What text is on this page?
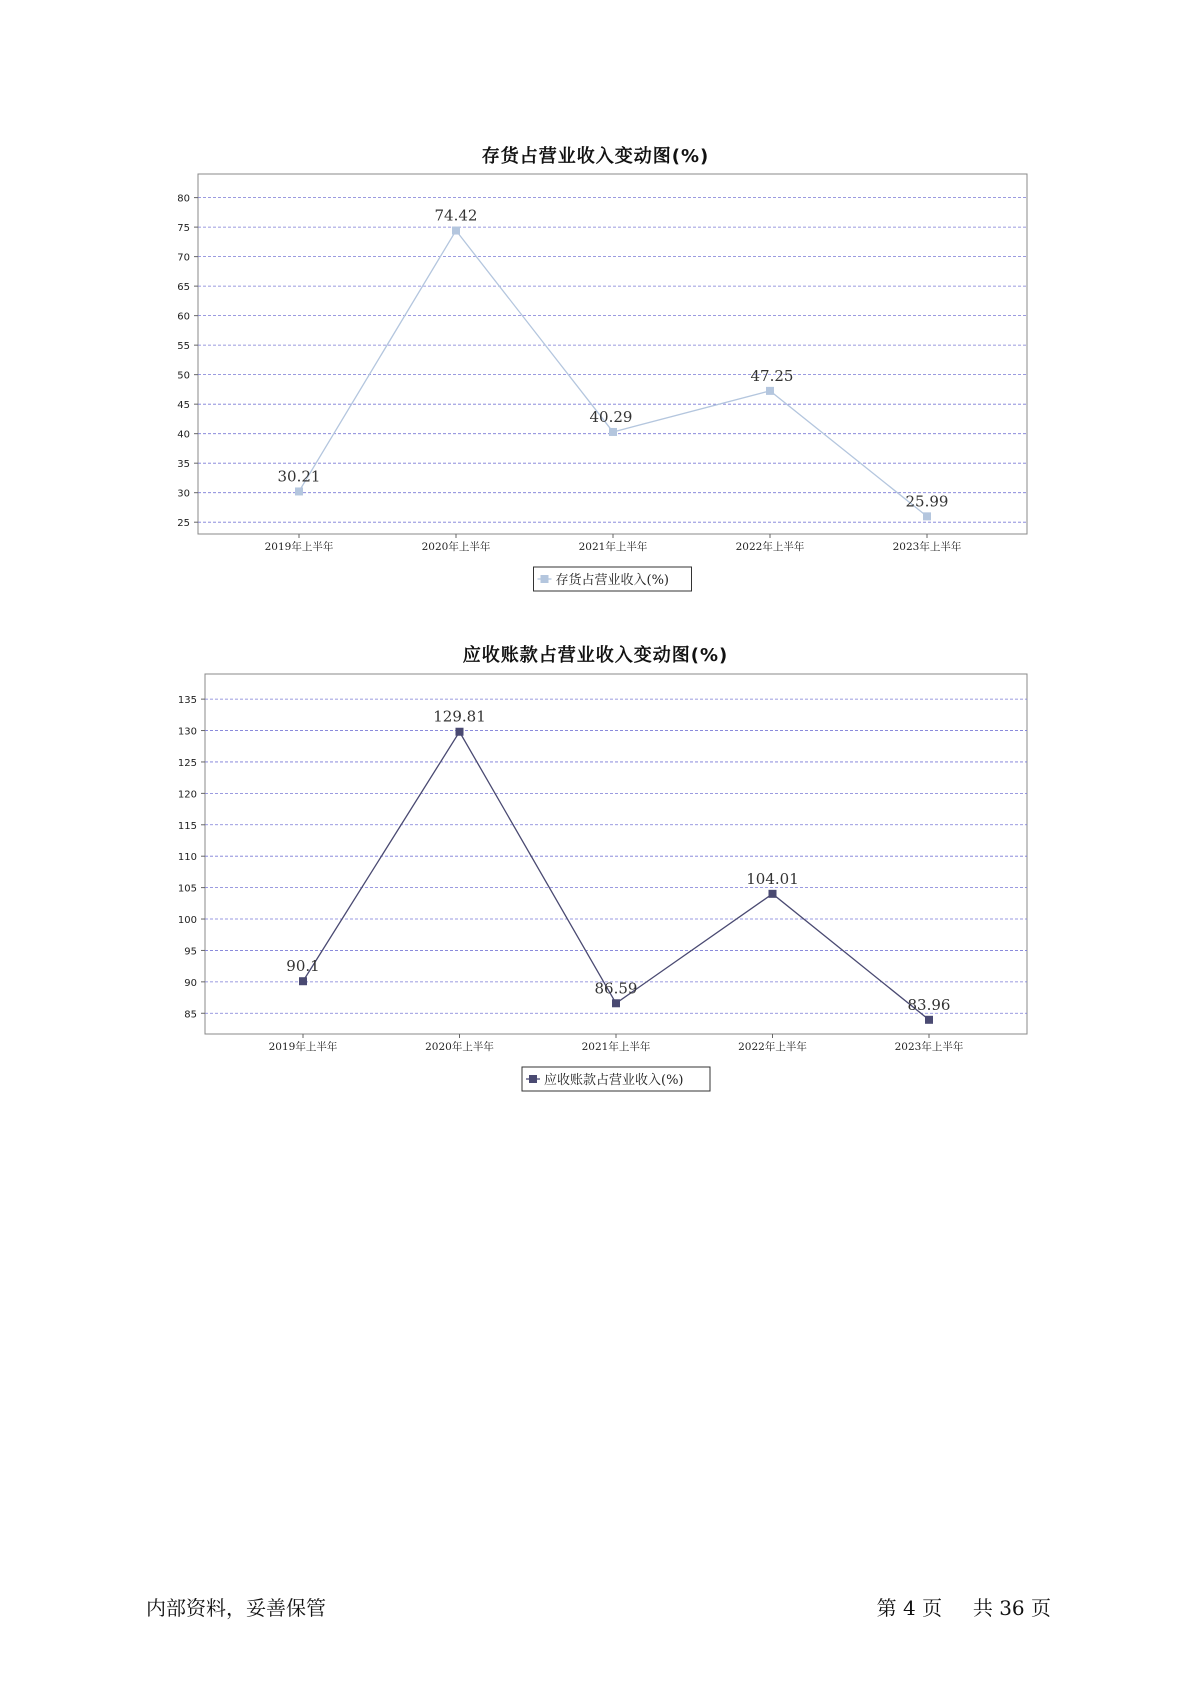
存货占营业收入变动图(%)
25
30
35
40
45
50
55
60
65
70
75
80
2019年上半年	2020年上半年	2021年上半年	2022年上半年	2023年上半年
30.21
74.42
40.29
47.25
25.99
存货占营业收入(%)
应收账款占营业收入变动图(%)
85
90
95
100
105
110
115
120
125
130
135
2019年上半年	2020年上半年	2021年上半年	2022年上半年	2023年上半年
90.1
129.81
86.59
104.01
83.96
应收账款占营业收入(%)
内部资料，妥善保管	第 4 页 共 36 页
